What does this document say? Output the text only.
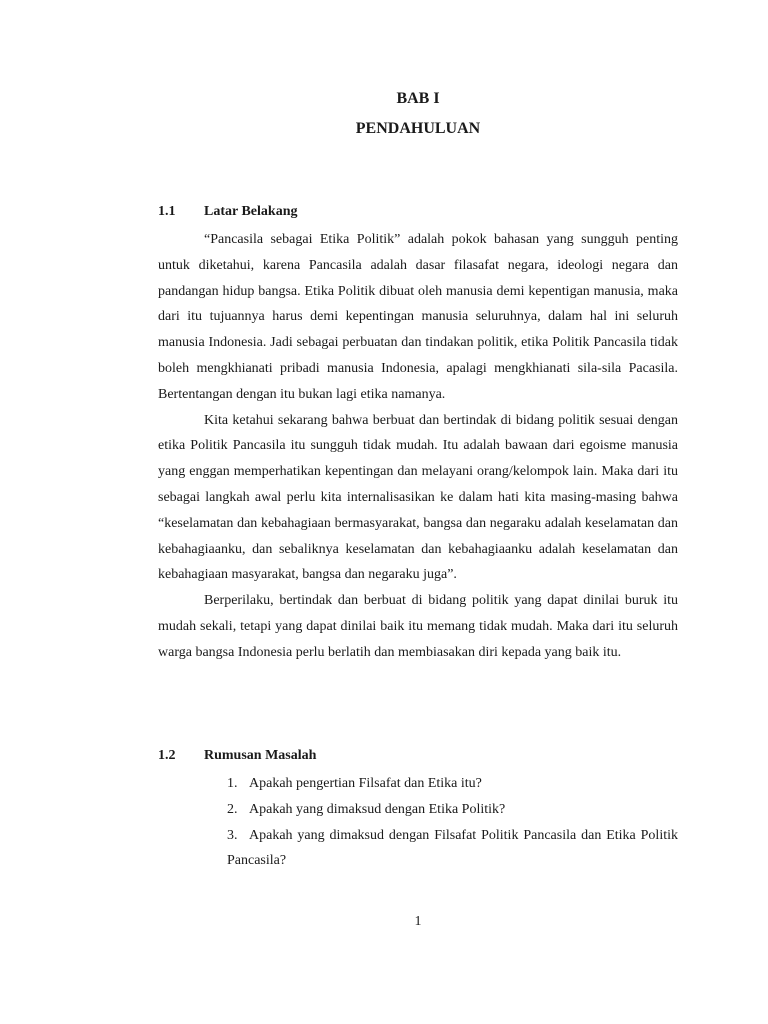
BAB I
PENDAHULUAN
1.1 Latar Belakang

“Pancasila sebagai Etika Politik” adalah pokok bahasan yang sungguh penting untuk diketahui, karena Pancasila adalah dasar filasafat negara, ideologi negara dan pandangan hidup bangsa. Etika Politik dibuat oleh manusia demi kepentigan manusia, maka dari itu tujuannya harus demi kepentingan manusia seluruhnya, dalam hal ini seluruh manusia Indonesia. Jadi sebagai perbuatan dan tindakan politik, etika Politik Pancasila tidak boleh mengkhianati pribadi manusia Indonesia, apalagi mengkhianati sila-sila Pacasila. Bertentangan dengan itu bukan lagi etika namanya.

Kita ketahui sekarang bahwa berbuat dan bertindak di bidang politik sesuai dengan etika Politik Pancasila itu sungguh tidak mudah. Itu adalah bawaan dari egoisme manusia yang enggan memperhatikan kepentingan dan melayani orang/kelompok lain. Maka dari itu sebagai langkah awal perlu kita internalisasikan ke dalam hati kita masing-masing bahwa “keselamatan dan kebahagiaan bermasyarakat, bangsa dan negaraku adalah keselamatan dan kebahagiaanku, dan sebaliknya keselamatan dan kebahagiaanku adalah keselamatan dan kebahagiaan masyarakat, bangsa dan negaraku juga”.

Berperilaku, bertindak dan berbuat di bidang politik yang dapat dinilai buruk itu mudah sekali, tetapi yang dapat dinilai baik itu memang tidak mudah. Maka dari itu seluruh warga bangsa Indonesia perlu berlatih dan membiasakan diri kepada yang baik itu.

1.2 Rumusan Masalah
1. Apakah pengertian Filsafat dan Etika itu?
2. Apakah yang dimaksud dengan Etika Politik?
3. Apakah yang dimaksud dengan Filsafat Politik Pancasila dan Etika Politik Pancasila?
1
